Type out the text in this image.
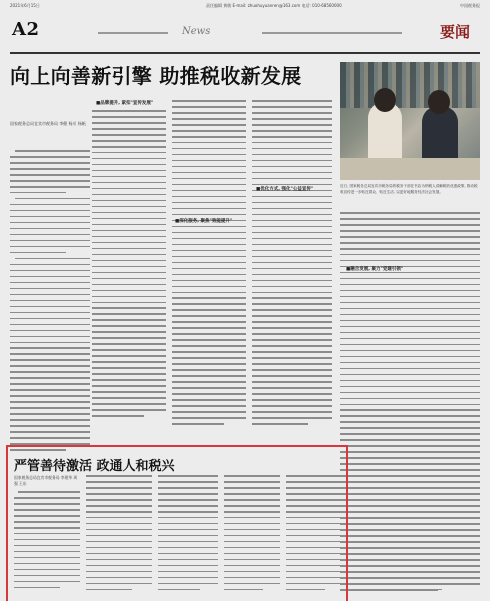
2021年6月15日	责任编辑 黄敏 E-mail: zhuohuyuanren@163.com 电话: 010-68560000	中国税务报
A2	News	要闻
向上向善新引擎 助推税收新发展
近日, 国家税务总局宜宾市税务局的税务干部在书店为纳税人讲解税收优惠政策, 推动税收宣传进一步贴近群众、贴近生活, 以更好地服务经济社会发展。
国家税务总局宜宾市税务局 李健 杨川 杨帆
■品牌提升, 紧扣"宣传发展"
■深化服务, 聚焦"效能提升"
■优化方式, 强化"公益宣传"
■融合发展, 聚力"党建引领"
严管善待激活 政通人和税兴
国家税务总局宜宾市税务局 李建华 周强 王东
